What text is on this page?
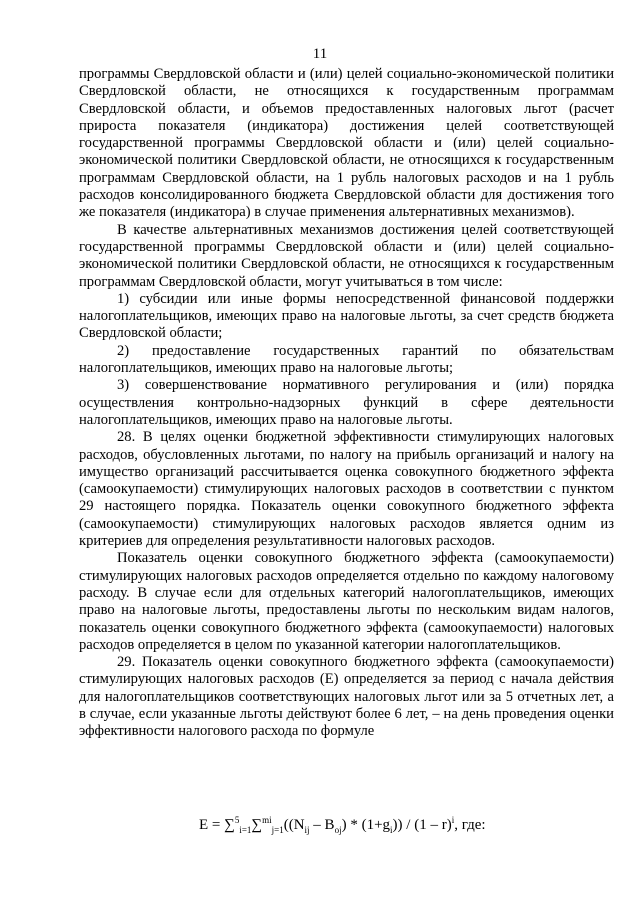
11

программы Свердловской области и (или) целей социально-экономической политики Свердловской области, не относящихся к государственным программам Свердловской области, и объемов предоставленных налоговых льгот (расчет прироста показателя (индикатора) достижения целей соответствующей государственной программы Свердловской области и (или) целей социально-экономической политики Свердловской области, не относящихся к государственным программам Свердловской области, на 1 рубль налоговых расходов и на 1 рубль расходов консолидированного бюджета Свердловской области для достижения того же показателя (индикатора) в случае применения альтернативных механизмов).

В качестве альтернативных механизмов достижения целей соответствующей государственной программы Свердловской области и (или) целей социально-экономической политики Свердловской области, не относящихся к государственным программам Свердловской области, могут учитываться в том числе:

1) субсидии или иные формы непосредственной финансовой поддержки налогоплательщиков, имеющих право на налоговые льготы, за счет средств бюджета Свердловской области;

2) предоставление государственных гарантий по обязательствам налогоплательщиков, имеющих право на налоговые льготы;

3) совершенствование нормативного регулирования и (или) порядка осуществления контрольно-надзорных функций в сфере деятельности налогоплательщиков, имеющих право на налоговые льготы.

28. В целях оценки бюджетной эффективности стимулирующих налоговых расходов, обусловленных льготами, по налогу на прибыль организаций и налогу на имущество организаций рассчитывается оценка совокупного бюджетного эффекта (самоокупаемости) стимулирующих налоговых расходов в соответствии с пунктом 29 настоящего порядка. Показатель оценки совокупного бюджетного эффекта (самоокупаемости) стимулирующих налоговых расходов является одним из критериев для определения результативности налоговых расходов.

Показатель оценки совокупного бюджетного эффекта (самоокупаемости) стимулирующих налоговых расходов определяется отдельно по каждому налоговому расходу. В случае если для отдельных категорий налогоплательщиков, имеющих право на налоговые льготы, предоставлены льготы по нескольким видам налогов, показатель оценки совокупного бюджетного эффекта (самоокупаемости) налоговых расходов определяется в целом по указанной категории налогоплательщиков.

29. Показатель оценки совокупного бюджетного эффекта (самоокупаемости) стимулирующих налоговых расходов (E) определяется за период с начала действия для налогоплательщиков соответствующих налоговых льгот или за 5 отчетных лет, а в случае, если указанные льготы действуют более 6 лет, – на день проведения оценки эффективности налогового расхода по формуле

$E = \sum^5_{i=1}\sum^{mi}_{j=1}((N_{ij} - B_{oj}) * (1+g_i)) / (1 - r)^i$, где:
